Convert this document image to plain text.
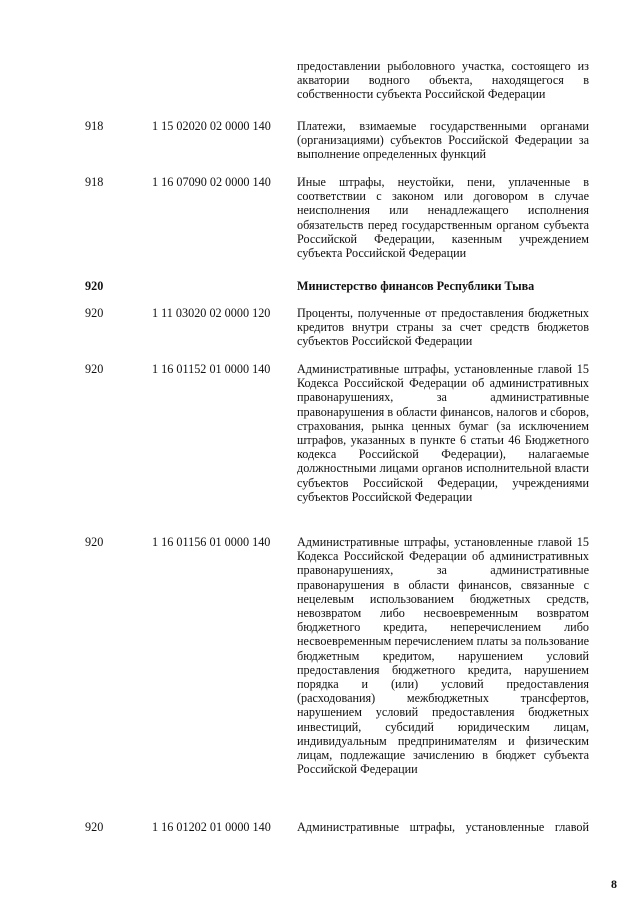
предоставлении рыболовного участка, состоящего из акватории водного объекта, находящегося в собственности субъекта Российской Федерации
918	1 15 02020 02 0000 140 Платежи, взимаемые государственными органами (организациями) субъектов Российской Федерации за выполнение определенных функций
918	1 16 07090 02 0000 140 Иные штрафы, неустойки, пени, уплаченные в соответствии с законом или договором в случае неисполнения или ненадлежащего исполнения обязательств перед государственным органом субъекта Российской Федерации, казенным учреждением субъекта Российской Федерации
920	Министерство финансов Республики Тыва
920	1 11 03020 02 0000 120 Проценты, полученные от предоставления бюджетных кредитов внутри страны за счет средств бюджетов субъектов Российской Федерации
920	1 16 01152 01 0000 140 Административные штрафы, установленные главой 15 Кодекса Российской Федерации об административных правонарушениях, за административные правонарушения в области финансов, налогов и сборов, страхования, рынка ценных бумаг (за исключением штрафов, указанных в пункте 6 статьи 46 Бюджетного кодекса Российской Федерации), налагаемые должностными лицами органов исполнительной власти субъектов Российской Федерации, учреждениями субъектов Российской Федерации
920	1 16 01156 01 0000 140 Административные штрафы, установленные главой 15 Кодекса Российской Федерации об административных правонарушениях, за административные правонарушения в области финансов, связанные с нецелевым использованием бюджетных средств, невозвратом либо несвоевременным возвратом бюджетного кредита, неперечислением либо несвоевременным перечислением платы за пользование бюджетным кредитом, нарушением условий предоставления бюджетного кредита, нарушением порядка и (или) условий предоставления (расходования) межбюджетных трансфертов, нарушением условий предоставления бюджетных инвестиций, субсидий юридическим лицам, индивидуальным предпринимателям и физическим лицам, подлежащие зачислению в бюджет субъекта Российской Федерации
920	1 16 01202 01 0000 140 Административные штрафы, установленные главой
8
